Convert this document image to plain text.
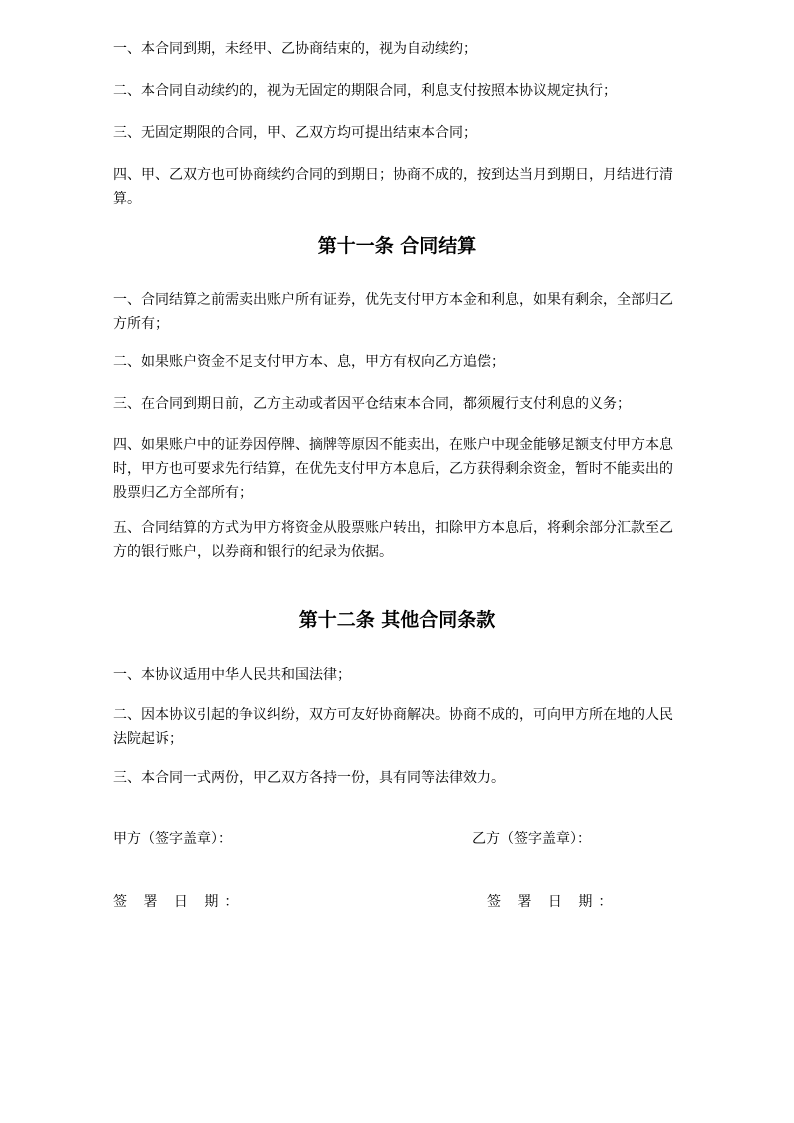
一、本合同到期，未经甲、乙协商结束的，视为自动续约；

二、本合同自动续约的，视为无固定的期限合同，利息支付按照本协议规定执行；

三、无固定期限的合同，甲、乙双方均可提出结束本合同；

四、甲、乙双方也可协商续约合同的到期日；协商不成的，按到达当月到期日，月结进行清算。

第十一条 合同结算

一、合同结算之前需卖出账户所有证券，优先支付甲方本金和利息，如果有剩余，全部归乙方所有；

二、如果账户资金不足支付甲方本、息，甲方有权向乙方追偿；

三、在合同到期日前，乙方主动或者因平仓结束本合同，都须履行支付利息的义务；

四、如果账户中的证券因停牌、摘牌等原因不能卖出，在账户中现金能够足额支付甲方本息时，甲方也可要求先行结算，在优先支付甲方本息后，乙方获得剩余资金，暂时不能卖出的股票归乙方全部所有；

五、合同结算的方式为甲方将资金从股票账户转出，扣除甲方本息后，将剩余部分汇款至乙方的银行账户，以券商和银行的纪录为依据。

第十二条 其他合同条款

一、本协议适用中华人民共和国法律；

二、因本协议引起的争议纠纷，双方可友好协商解决。协商不成的，可向甲方所在地的人民法院起诉；

三、本合同一式两份，甲乙双方各持一份，具有同等法律效力。

甲方（签字盖章）：	乙方（签字盖章）：
签 署 日 期：	签 署 日 期：
